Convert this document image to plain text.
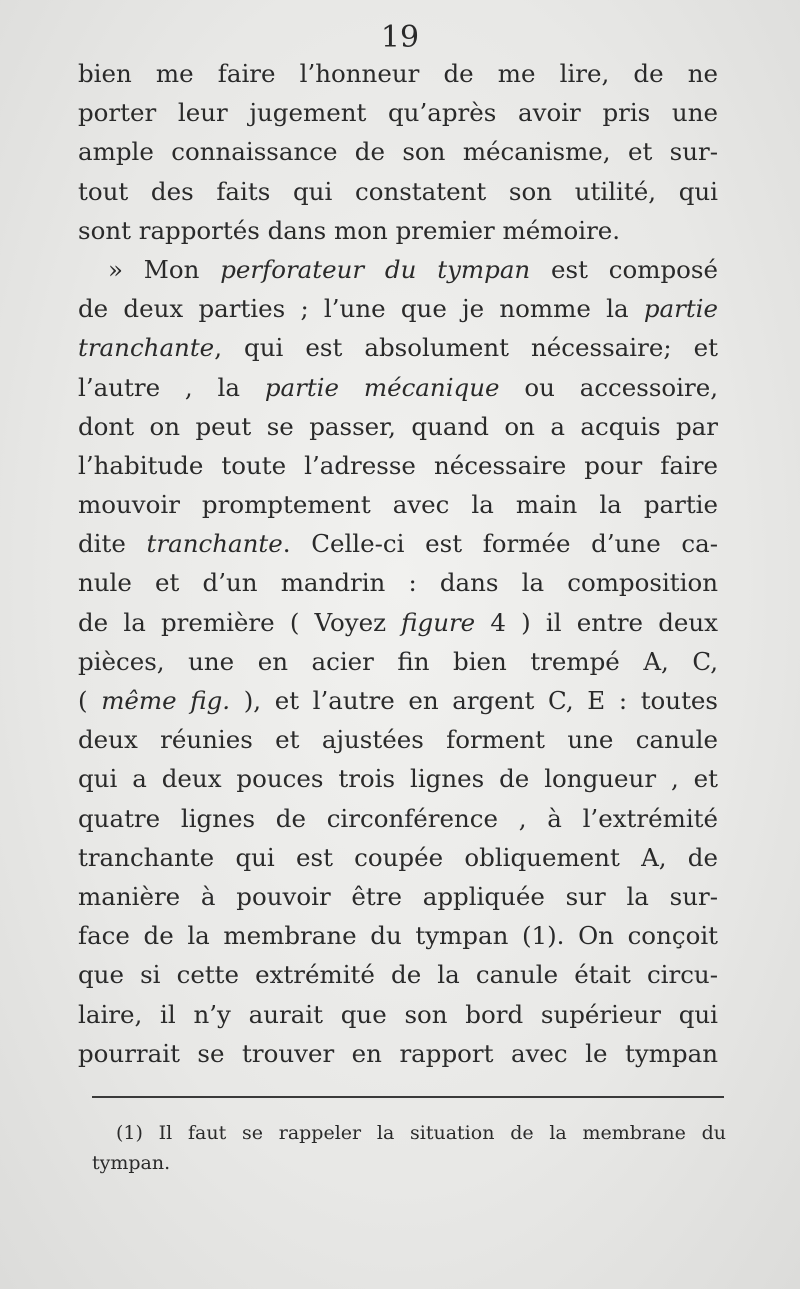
19
bien me faire l’honneur de me lire, de ne
porter leur jugement qu’après avoir pris une
ample connaissance de son mécanisme, et sur-
tout des faits qui constatent son utilité, qui
sont rapportés dans mon premier mémoire.
» Mon perforateur du tympan est composé
de deux parties ; l’une que je nomme la partie
tranchante, qui est absolument nécessaire; et
l’autre , la partie mécanique ou accessoire,
dont on peut se passer, quand on a acquis par
l’habitude toute l’adresse nécessaire pour faire
mouvoir promptement avec la main la partie
dite tranchante. Celle-ci est formée d’une ca-
nule et d’un mandrin : dans la composition
de la première ( Voyez figure 4 ) il entre deux
pièces, une en acier fin bien trempé A, C,
( même fig. ), et l’autre en argent C, E : toutes
deux réunies et ajustées forment une canule
qui a deux pouces trois lignes de longueur , et
quatre lignes de circonférence , à l’extrémité
tranchante qui est coupée obliquement A, de
manière à pouvoir être appliquée sur la sur-
face de la membrane du tympan (1). On conçoit
que si cette extrémité de la canule était circu-
laire, il n’y aurait que son bord supérieur qui
pourrait se trouver en rapport avec le tympan
(1) Il faut se rappeler la situation de la membrane du
tympan.
